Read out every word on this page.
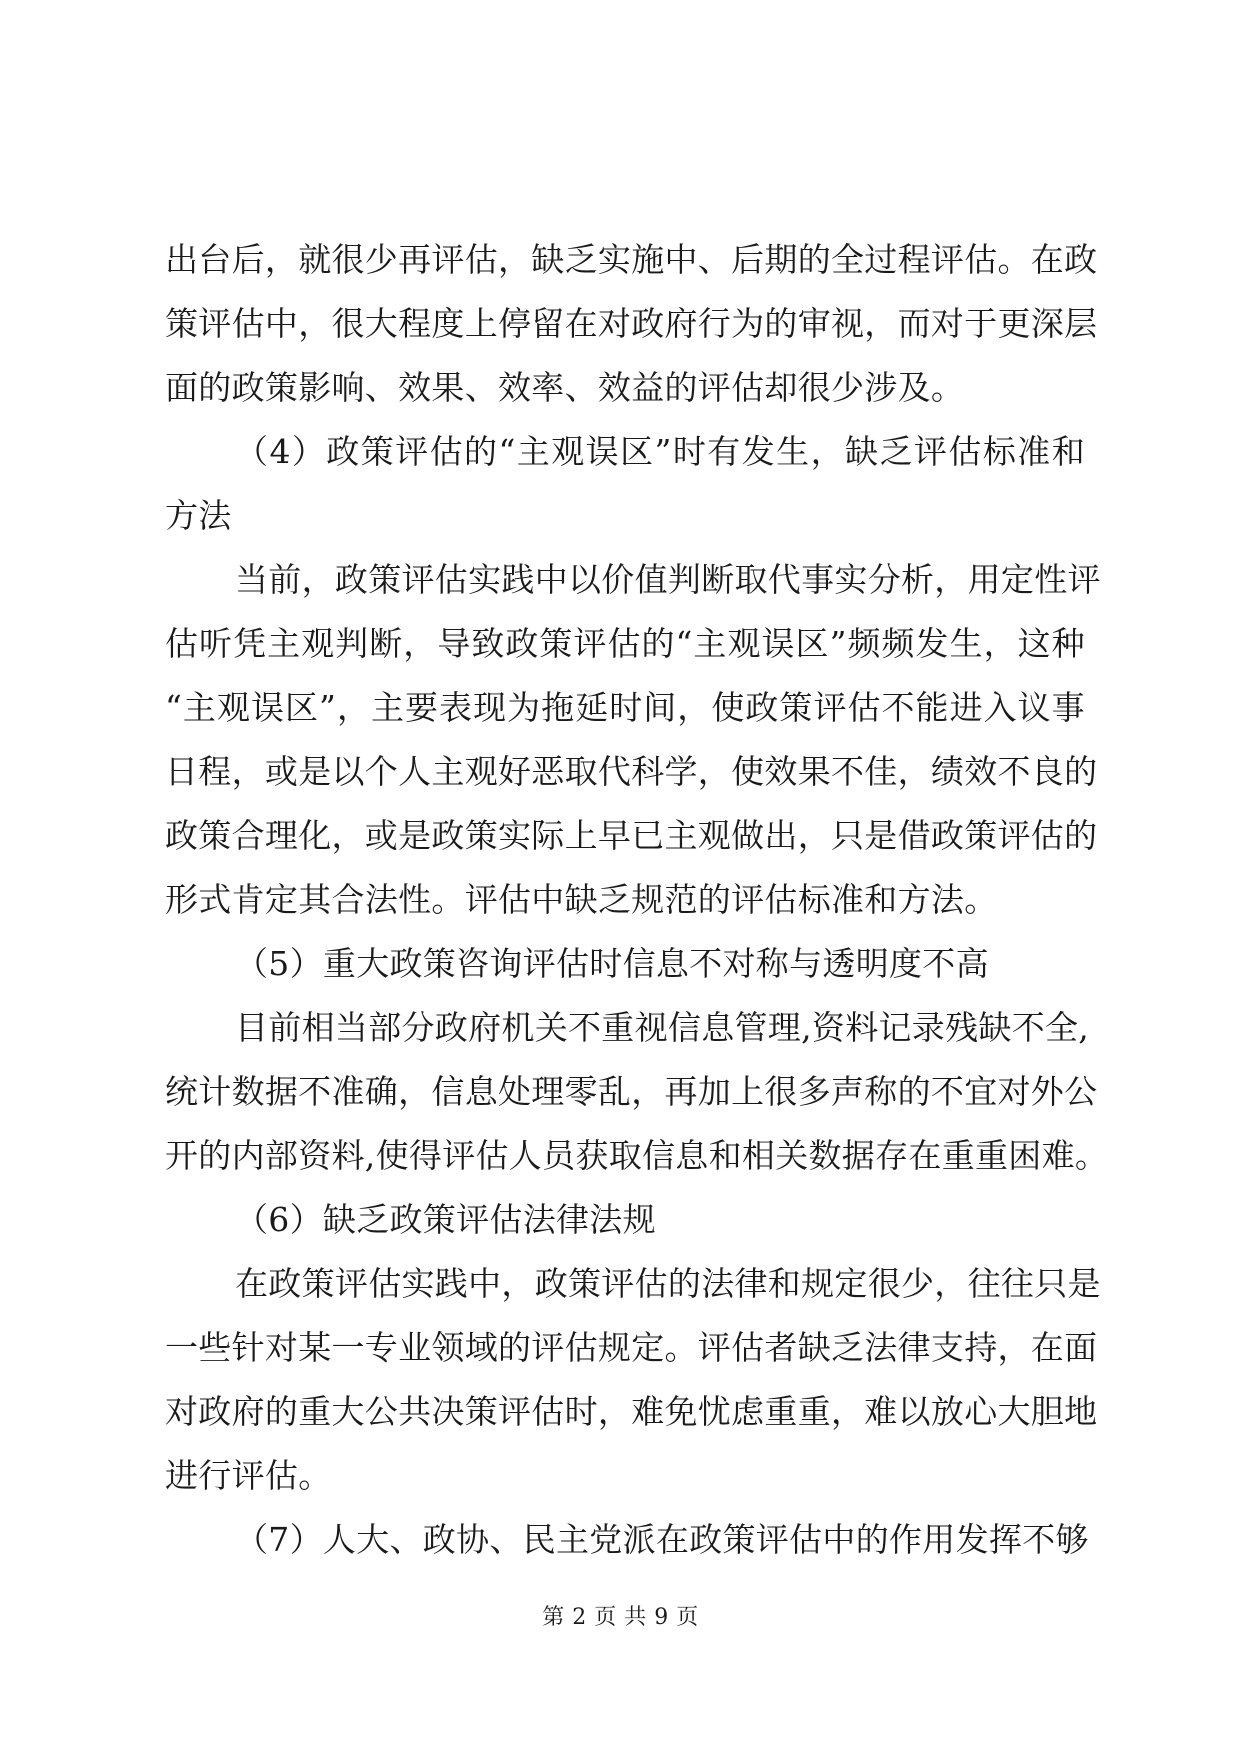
出台后，就很少再评估，缺乏实施中、后期的全过程评估。在政
策评估中，很大程度上停留在对政府行为的审视，而对于更深层
面的政策影响、效果、效率、效益的评估却很少涉及。
（4）政策评估的“主观误区”时有发生，缺乏评估标准和
方法
当前，政策评估实践中以价值判断取代事实分析，用定性评
估听凭主观判断，导致政策评估的“主观误区”频频发生，这种
“主观误区”，主要表现为拖延时间，使政策评估不能进入议事
日程，或是以个人主观好恶取代科学，使效果不佳，绩效不良的
政策合理化，或是政策实际上早已主观做出，只是借政策评估的
形式肯定其合法性。评估中缺乏规范的评估标准和方法。
（5）重大政策咨询评估时信息不对称与透明度不高
目前相当部分政府机关不重视信息管理,资料记录残缺不全,
统计数据不准确，信息处理零乱，再加上很多声称的不宜对外公
开的内部资料,使得评估人员获取信息和相关数据存在重重困难。
（6）缺乏政策评估法律法规
在政策评估实践中，政策评估的法律和规定很少，往往只是
一些针对某一专业领域的评估规定。评估者缺乏法律支持，在面
对政府的重大公共决策评估时，难免忧虑重重，难以放心大胆地
进行评估。
（7）人大、政协、民主党派在政策评估中的作用发挥不够
第 2 页 共 9 页
